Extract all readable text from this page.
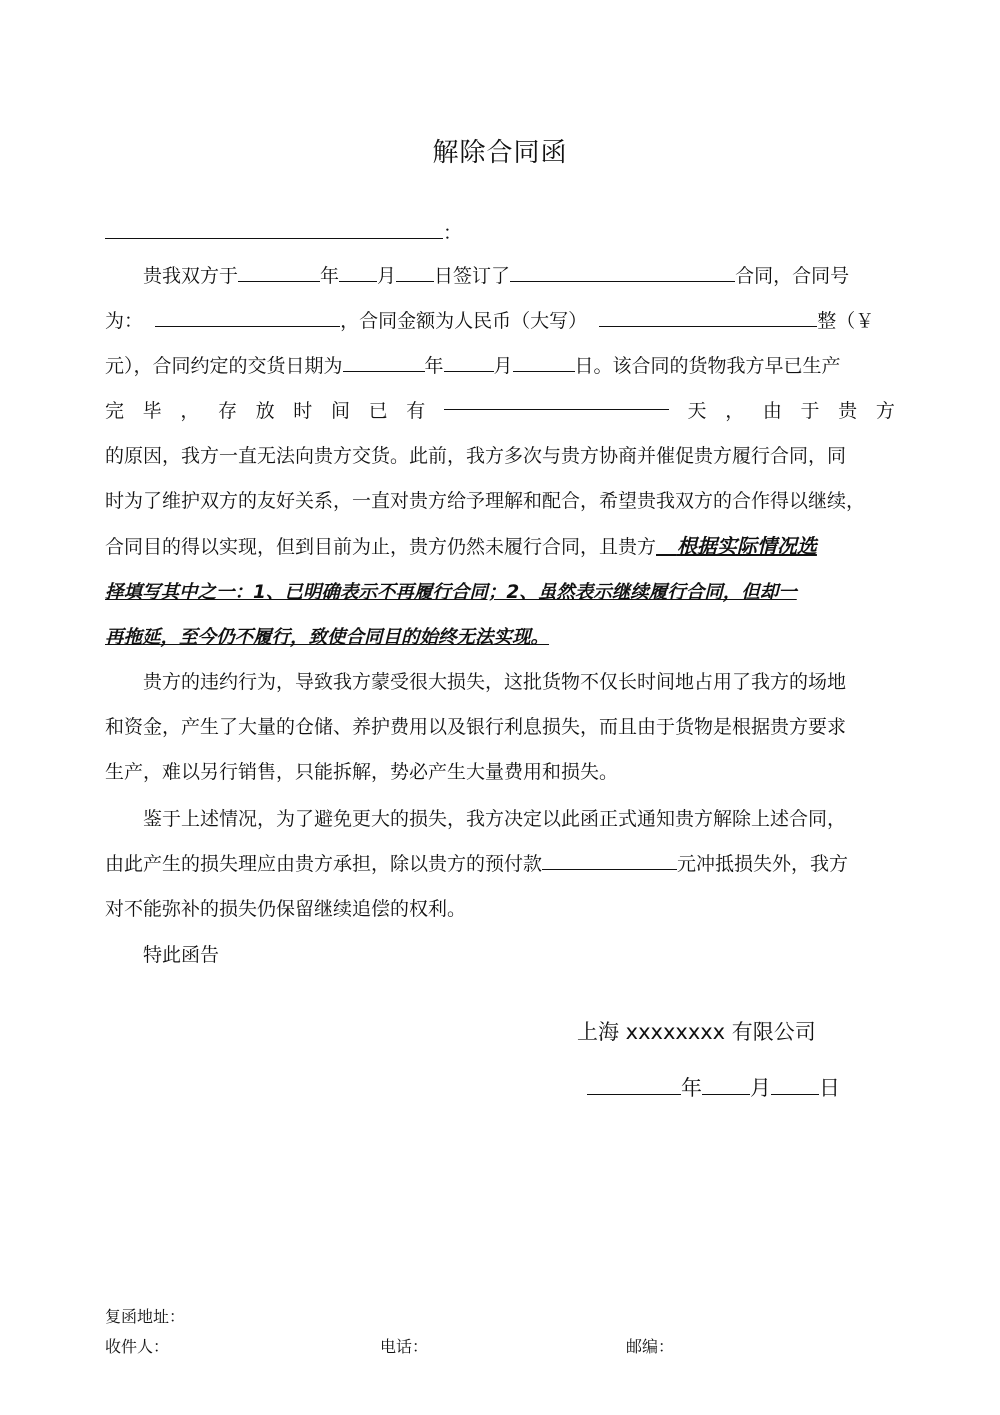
解除合同函
：
贵我双方于	年 月 日签订了	合同，合同号
为：	，合同金额为人民币（大写）	整（￥
元），合同约定的交货日期为	年	月	日。该合同的货物我方早已生产
完 毕 ， 存 放 时 间 已 有	天 ， 由 于 贵 方
的原因，我方一直无法向贵方交货。此前，我方多次与贵方协商并催促贵方履行合同，同
时为了维护双方的友好关系，一直对贵方给予理解和配合，希望贵我双方的合作得以继续，
合同目的得以实现，但到目前为止，贵方仍然未履行合同，且贵方 根据实际情况选
择填写其中之一：1、已明确表示不再履行合同；2、虽然表示继续履行合同，但却一
再拖延，至今仍不履行，致使合同目的始终无法实现。
贵方的违约行为，导致我方蒙受很大损失，这批货物不仅长时间地占用了我方的场地
和资金，产生了大量的仓储、养护费用以及银行利息损失，而且由于货物是根据贵方要求
生产，难以另行销售，只能拆解，势必产生大量费用和损失。
鉴于上述情况，为了避免更大的损失，我方决定以此函正式通知贵方解除上述合同，
由此产生的损失理应由贵方承担，除以贵方的预付款	元冲抵损失外，我方
对不能弥补的损失仍保留继续追偿的权利。
特此函告
上海 xxxxxxxx 有限公司
年 月 日
复函地址：
收件人：	电话：	邮编：
